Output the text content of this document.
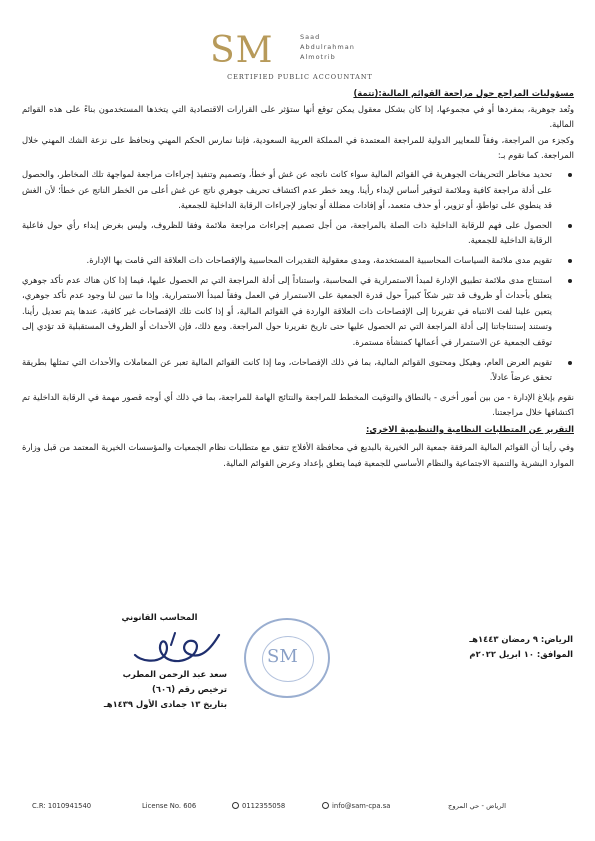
SM	Saad
Abdulrahman
Almotrib
CERTIFIED PUBLIC ACCOUNTANT

مسؤوليات المراجع حول مراجعة القوائم المالية:(تتمة)

وتُعد جوهرية، بمفردها أو في مجموعها، إذا كان بشكل معقول يمكن توقع أنها ستؤثر على القرارات الاقتصادية التي يتخذها المستخدمون بناءً على هذه القوائم المالية.

وكجزء من المراجعة، وفقاً للمعايير الدولية للمراجعة المعتمدة في المملكة العربية السعودية، فإننا نمارس الحكم المهني ونحافظ على نزعة الشك المهني خلال المراجعة. كما نقوم بـ:

تحديد مخاطر التحريفات الجوهرية في القوائم المالية سواء كانت ناتجه عن غش أو خطأ، وتصميم وتنفيذ إجراءات مراجعة لمواجهة تلك المخاطر، والحصول على أدلة مراجعة كافية وملائمة لتوفير أساس لإبداء رأينا. ويعد خطر عدم اكتشاف تحريف جوهري ناتج عن غش أعلى من الخطر الناتج عن خطأ؛ لأن الغش قد ينطوي على تواطؤ، أو تزوير، أو حذف متعمد، أو إفادات مضللة أو تجاوز لإجراءات الرقابة الداخلية للجمعية.
الحصول على فهم للرقابة الداخلية ذات الصلة بالمراجعة، من أجل تصميم إجراءات مراجعة ملائمة وفقا للظروف، وليس بغرض إبداء رأي حول فاعلية الرقابة الداخلية للجمعية.
تقويم مدى ملائمة السياسات المحاسبية المستخدمة، ومدى معقولية التقديرات المحاسبية والإفصاحات ذات العلاقة التي قامت بها الإدارة.
استنتاج مدى ملائمة تطبيق الإدارة لمبدأ الاستمرارية في المحاسبة، واستناداً إلى أدلة المراجعة التي تم الحصول عليها، فيما إذا كان هناك عدم تأكد جوهري يتعلق بأحداث أو ظروف قد تثير شكاً كبيراً حول قدرة الجمعية على الاستمرار في العمل وفقاً لمبدأ الاستمرارية. وإذا ما تبين لنا وجود عدم تأكد جوهري، يتعين علينا لفت الانتباه في تقريرنا إلى الإفصاحات ذات العلاقة الواردة في القوائم المالية، أو إذا كانت تلك الإفصاحات غير كافية، عندها يتم تعديل رأينا. وتستند إستنتاجاتنا إلى أدلة المراجعة التي تم الحصول عليها حتى تاريخ تقريرنا حول المراجعة. ومع ذلك، فإن الأحداث أو الظروف المستقبلية قد تؤدي إلى توقف الجمعية عن الاستمرار في أعمالها كمنشأة مستمرة.
تقويم العرض العام، وهيكل ومحتوى القوائم المالية، بما في ذلك الإفصاحات، وما إذا كانت القوائم المالية تعبر عن المعاملات والأحداث التي تمثلها بطريقة تحقق عرضاً عادلاً.

نقوم بإبلاغ الإدارة - من بين أمور أخرى - بالنطاق والتوقيت المخطط للمراجعة والنتائج الهامة للمراجعة، بما في ذلك أي أوجه قصور مهمة في الرقابة الداخلية تم اكتشافها خلال مراجعتنا.

التقرير عن المتطلبات النظامية والتنظيمية الاخرى:

وفي رأينا أن القوائم المالية المرفقة جمعية البر الخيرية بالبديع في محافظة الأفلاج تتفق مع متطلبات نظام الجمعيات والمؤسسات الخيرية المعتمد من قبل وزارة الموارد البشرية والتنمية الاجتماعية والنظام الأساسي للجمعية فيما يتعلق بإعداد وعرض القوائم المالية.

المحاسب القانوني
سعد عبد الرحمن المطرب
ترخيص رقم (٦٠٦)
بتاريخ ١٣ جمادى الأول ١٤٣٩هـ
SM
الرياض: ٩ رمضان ١٤٤٣هـ
الموافق: ١٠ ابريل ٢٠٢٢م
C.R: 1010941540	License No. 606	0112355058	info@sam-cpa.sa	الرياض - حي المروج
